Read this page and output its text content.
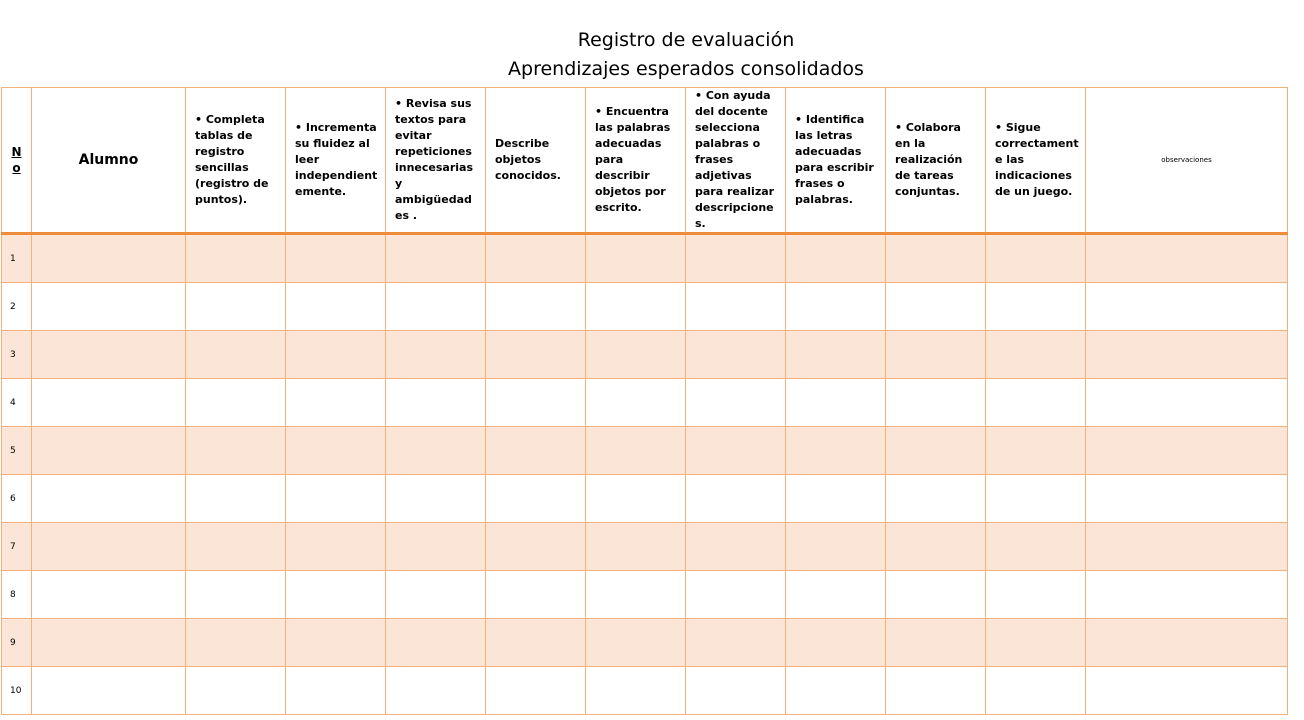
Registro de evaluación
Aprendizajes esperados consolidados
N
o	Alumno	• Completa tablas de registro sencillas (registro de puntos).	• Incrementa su fluidez al leer independient emente.	• Revisa sus textos para evitar repeticiones innecesarias y ambigüedades .	Describe objetos conocidos.	• Encuentra las palabras adecuadas para describir objetos por escrito.	• Con ayuda del docente selecciona palabras o frases adjetivas para realizar descripciones.	• Identifica las letras adecuadas para escribir frases o palabras.	• Colabora en la realización de tareas conjuntas.	• Sigue correctament e las indicaciones de un juego.	observaciones

1											
2											
3											
4											
5											
6											
7											
8											
9											
10											
